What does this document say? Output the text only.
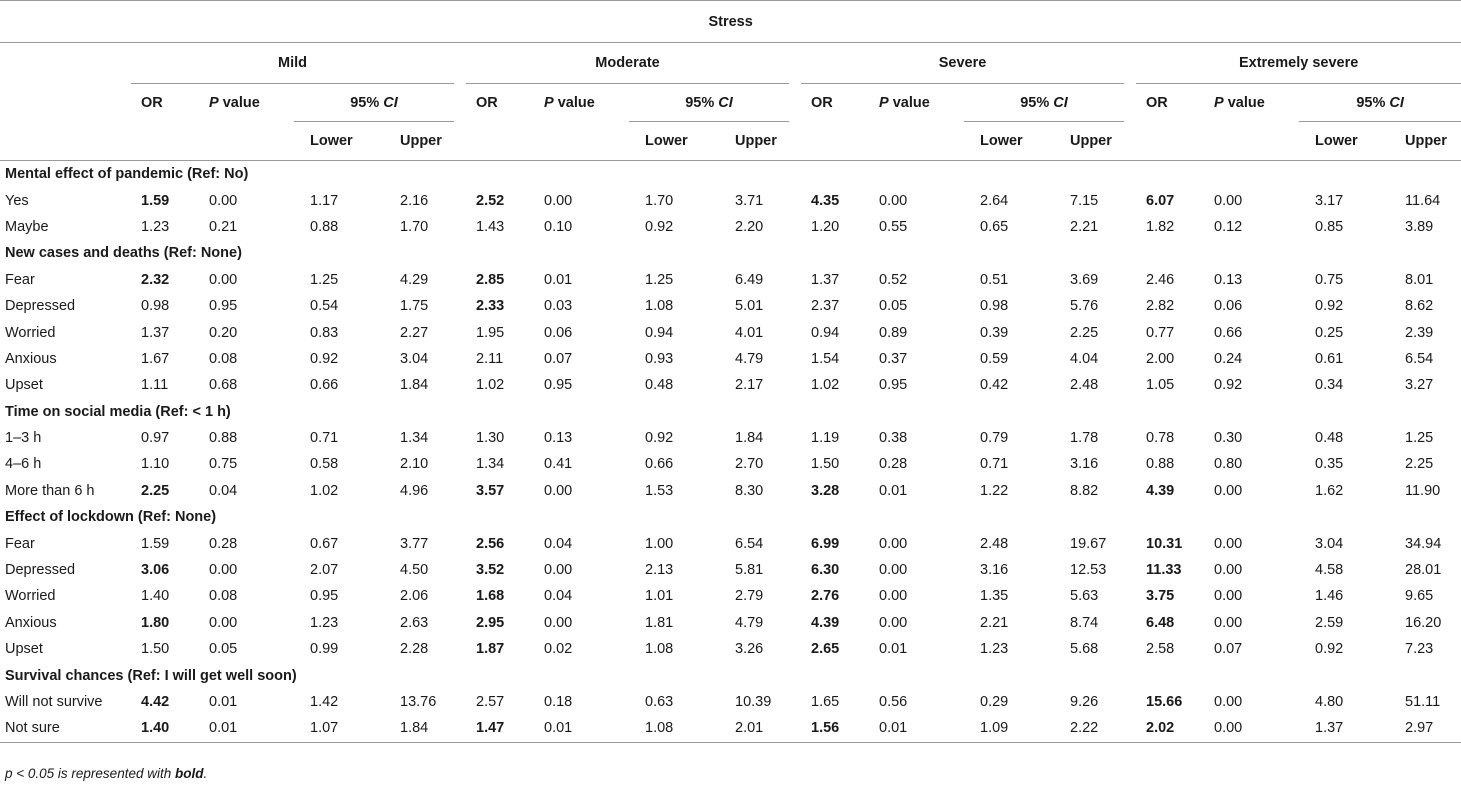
Stress																			
	Mild					Moderate					Severe					Extremely severe			
	OR	P value	95% CI			OR	P value	95% CI			OR	P value	95% CI			OR	P value	95% CI	
			Lower	Upper				Lower	Upper				Lower	Upper				Lower	Upper
Mental effect of pandemic (Ref: No)																			
Yes	1.59	0.00	1.17	2.16		2.52	0.00	1.70	3.71		4.35	0.00	2.64	7.15		6.07	0.00	3.17	11.64
Maybe	1.23	0.21	0.88	1.70		1.43	0.10	0.92	2.20		1.20	0.55	0.65	2.21		1.82	0.12	0.85	3.89
New cases and deaths (Ref: None)																			
Fear	2.32	0.00	1.25	4.29		2.85	0.01	1.25	6.49		1.37	0.52	0.51	3.69		2.46	0.13	0.75	8.01
Depressed	0.98	0.95	0.54	1.75		2.33	0.03	1.08	5.01		2.37	0.05	0.98	5.76		2.82	0.06	0.92	8.62
Worried	1.37	0.20	0.83	2.27		1.95	0.06	0.94	4.01		0.94	0.89	0.39	2.25		0.77	0.66	0.25	2.39
Anxious	1.67	0.08	0.92	3.04		2.11	0.07	0.93	4.79		1.54	0.37	0.59	4.04		2.00	0.24	0.61	6.54
Upset	1.11	0.68	0.66	1.84		1.02	0.95	0.48	2.17		1.02	0.95	0.42	2.48		1.05	0.92	0.34	3.27
Time on social media (Ref: < 1 h)																			
1–3 h	0.97	0.88	0.71	1.34		1.30	0.13	0.92	1.84		1.19	0.38	0.79	1.78		0.78	0.30	0.48	1.25
4–6 h	1.10	0.75	0.58	2.10		1.34	0.41	0.66	2.70		1.50	0.28	0.71	3.16		0.88	0.80	0.35	2.25
More than 6 h	2.25	0.04	1.02	4.96		3.57	0.00	1.53	8.30		3.28	0.01	1.22	8.82		4.39	0.00	1.62	11.90
Effect of lockdown (Ref: None)																			
Fear	1.59	0.28	0.67	3.77		2.56	0.04	1.00	6.54		6.99	0.00	2.48	19.67		10.31	0.00	3.04	34.94
Depressed	3.06	0.00	2.07	4.50		3.52	0.00	2.13	5.81		6.30	0.00	3.16	12.53		11.33	0.00	4.58	28.01
Worried	1.40	0.08	0.95	2.06		1.68	0.04	1.01	2.79		2.76	0.00	1.35	5.63		3.75	0.00	1.46	9.65
Anxious	1.80	0.00	1.23	2.63		2.95	0.00	1.81	4.79		4.39	0.00	2.21	8.74		6.48	0.00	2.59	16.20
Upset	1.50	0.05	0.99	2.28		1.87	0.02	1.08	3.26		2.65	0.01	1.23	5.68		2.58	0.07	0.92	7.23
Survival chances (Ref: I will get well soon)																			
Will not survive	4.42	0.01	1.42	13.76		2.57	0.18	0.63	10.39		1.65	0.56	0.29	9.26		15.66	0.00	4.80	51.11
Not sure	1.40	0.01	1.07	1.84		1.47	0.01	1.08	2.01		1.56	0.01	1.09	2.22		2.02	0.00	1.37	2.97
p < 0.05 is represented with bold.
